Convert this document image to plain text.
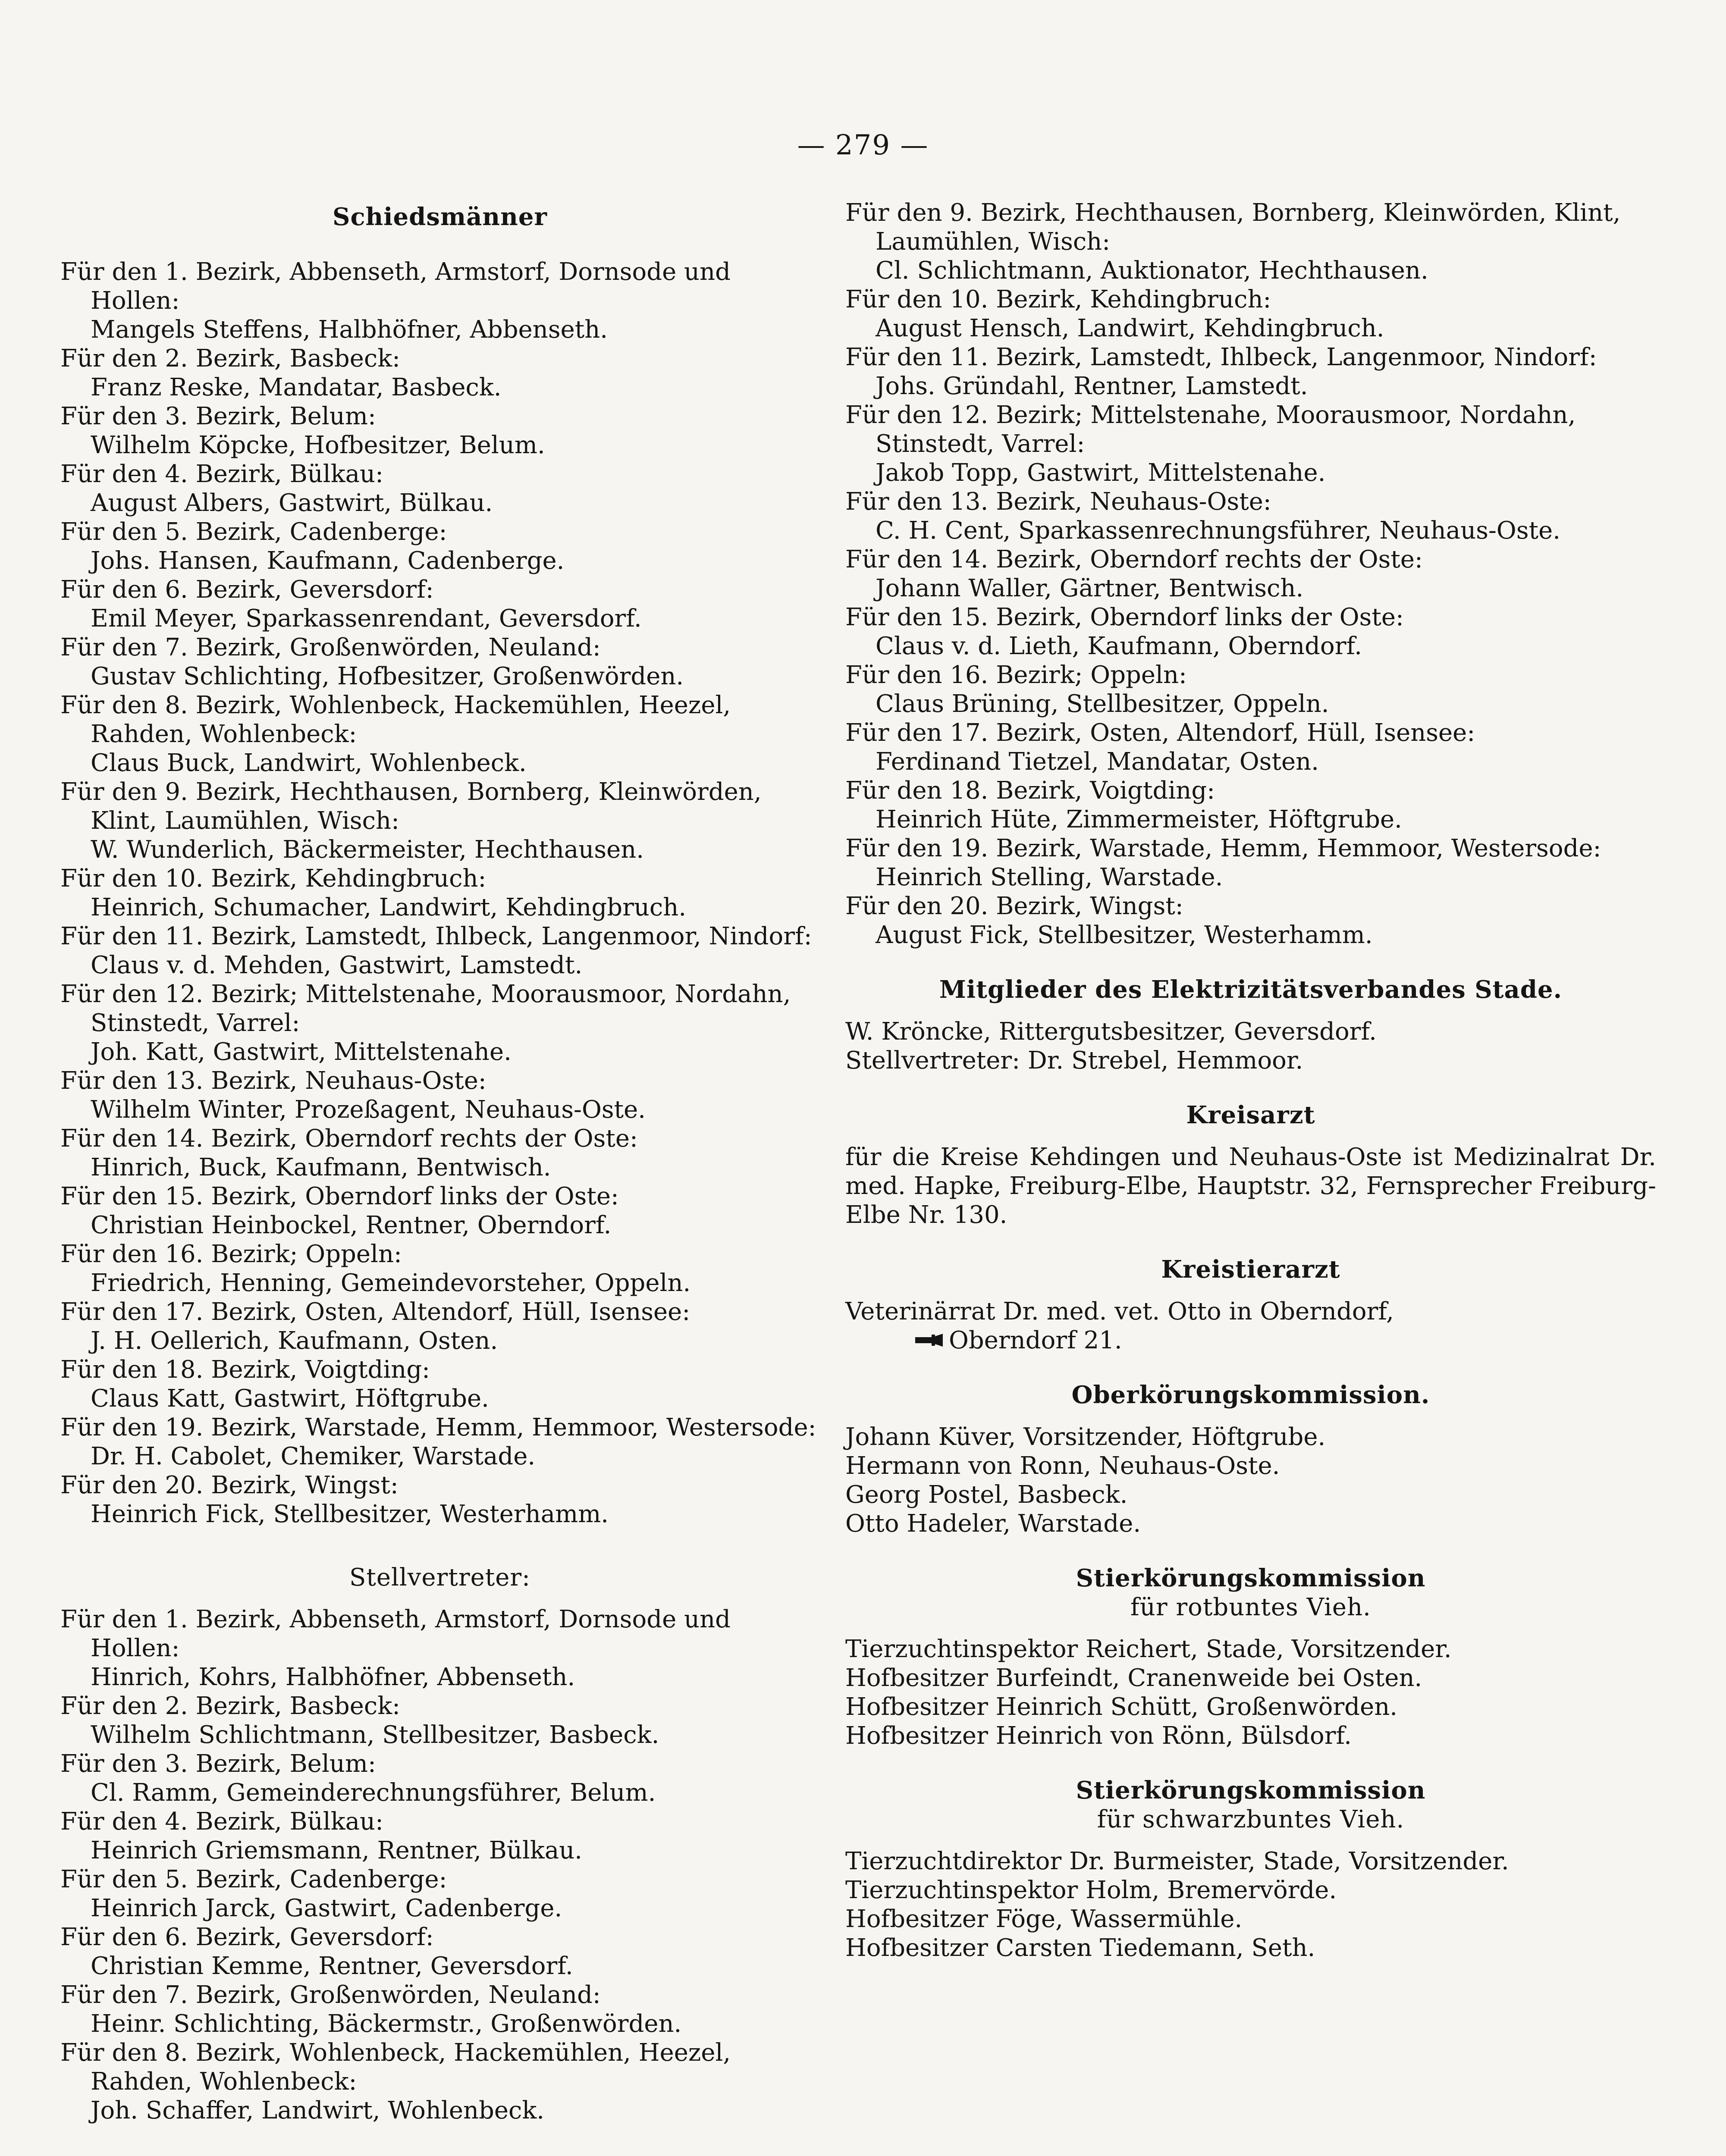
— 279 —
Schiedsmänner
Für den 1. Bezirk, Abbenseth, Armstorf, Dornsode und Hollen:
Mangels Steffens, Halbhöfner, Abbenseth.
Für den 2. Bezirk, Basbeck:
Franz Reske, Mandatar, Basbeck.
Für den 3. Bezirk, Belum:
Wilhelm Köpcke, Hofbesitzer, Belum.
Für den 4. Bezirk, Bülkau:
August Albers, Gastwirt, Bülkau.
Für den 5. Bezirk, Cadenberge:
Johs. Hansen, Kaufmann, Cadenberge.
Für den 6. Bezirk, Geversdorf:
Emil Meyer, Sparkassenrendant, Geversdorf.
Für den 7. Bezirk, Großenwörden, Neuland:
Gustav Schlichting, Hofbesitzer, Großenwörden.
Für den 8. Bezirk, Wohlenbeck, Hackemühlen, Heezel, Rahden, Wohlenbeck:
Claus Buck, Landwirt, Wohlenbeck.
Für den 9. Bezirk, Hechthausen, Bornberg, Kleinwörden, Klint, Laumühlen, Wisch:
W. Wunderlich, Bäckermeister, Hechthausen.
Für den 10. Bezirk, Kehdingbruch:
Heinrich, Schumacher, Landwirt, Kehdingbruch.
Für den 11. Bezirk, Lamstedt, Ihlbeck, Langenmoor, Nindorf:
Claus v. d. Mehden, Gastwirt, Lamstedt.
Für den 12. Bezirk; Mittelstenahe, Moorausmoor, Nordahn, Stinstedt, Varrel:
Joh. Katt, Gastwirt, Mittelstenahe.
Für den 13. Bezirk, Neuhaus-Oste:
Wilhelm Winter, Prozeßagent, Neuhaus-Oste.
Für den 14. Bezirk, Oberndorf rechts der Oste:
Hinrich, Buck, Kaufmann, Bentwisch.
Für den 15. Bezirk, Oberndorf links der Oste:
Christian Heinbockel, Rentner, Oberndorf.
Für den 16. Bezirk; Oppeln:
Friedrich, Henning, Gemeindevorsteher, Oppeln.
Für den 17. Bezirk, Osten, Altendorf, Hüll, Isensee:
J. H. Oellerich, Kaufmann, Osten.
Für den 18. Bezirk, Voigtding:
Claus Katt, Gastwirt, Höftgrube.
Für den 19. Bezirk, Warstade, Hemm, Hemmoor, Westersode:
Dr. H. Cabolet, Chemiker, Warstade.
Für den 20. Bezirk, Wingst:
Heinrich Fick, Stellbesitzer, Westerhamm.
Stellvertreter:
Für den 1. Bezirk, Abbenseth, Armstorf, Dornsode und Hollen:
Hinrich, Kohrs, Halbhöfner, Abbenseth.
Für den 2. Bezirk, Basbeck:
Wilhelm Schlichtmann, Stellbesitzer, Basbeck.
Für den 3. Bezirk, Belum:
Cl. Ramm, Gemeinderechnungsführer, Belum.
Für den 4. Bezirk, Bülkau:
Heinrich Griemsmann, Rentner, Bülkau.
Für den 5. Bezirk, Cadenberge:
Heinrich Jarck, Gastwirt, Cadenberge.
Für den 6. Bezirk, Geversdorf:
Christian Kemme, Rentner, Geversdorf.
Für den 7. Bezirk, Großenwörden, Neuland:
Heinr. Schlichting, Bäckermstr., Großenwörden.
Für den 8. Bezirk, Wohlenbeck, Hackemühlen, Heezel, Rahden, Wohlenbeck:
Joh. Schaffer, Landwirt, Wohlenbeck.
Für den 9. Bezirk, Hechthausen, Bornberg, Kleinwörden, Klint, Laumühlen, Wisch:
Cl. Schlichtmann, Auktionator, Hechthausen.
Für den 10. Bezirk, Kehdingbruch:
August Hensch, Landwirt, Kehdingbruch.
Für den 11. Bezirk, Lamstedt, Ihlbeck, Langenmoor, Nindorf:
Johs. Gründahl, Rentner, Lamstedt.
Für den 12. Bezirk; Mittelstenahe, Moorausmoor, Nordahn, Stinstedt, Varrel:
Jakob Topp, Gastwirt, Mittelstenahe.
Für den 13. Bezirk, Neuhaus-Oste:
C. H. Cent, Sparkassenrechnungsführer, Neuhaus-Oste.
Für den 14. Bezirk, Oberndorf rechts der Oste:
Johann Waller, Gärtner, Bentwisch.
Für den 15. Bezirk, Oberndorf links der Oste:
Claus v. d. Lieth, Kaufmann, Oberndorf.
Für den 16. Bezirk; Oppeln:
Claus Brüning, Stellbesitzer, Oppeln.
Für den 17. Bezirk, Osten, Altendorf, Hüll, Isensee:
Ferdinand Tietzel, Mandatar, Osten.
Für den 18. Bezirk, Voigtding:
Heinrich Hüte, Zimmermeister, Höftgrube.
Für den 19. Bezirk, Warstade, Hemm, Hemmoor, Westersode:
Heinrich Stelling, Warstade.
Für den 20. Bezirk, Wingst:
August Fick, Stellbesitzer, Westerhamm.
Mitglieder des Elektrizitätsverbandes Stade.
W. Kröncke, Rittergutsbesitzer, Geversdorf.
Stellvertreter: Dr. Strebel, Hemmoor.
Kreisarzt
für die Kreise Kehdingen und Neuhaus-Oste ist Medizinalrat Dr. med. Hapke, Freiburg-Elbe, Hauptstr. 32, Fernsprecher Freiburg-Elbe Nr. 130.
Kreistierarzt
Veterinärrat Dr. med. vet. Otto in Oberndorf,
Oberndorf 21.
Oberkörungskommission.
Johann Küver, Vorsitzender, Höftgrube.
Hermann von Ronn, Neuhaus-Oste.
Georg Postel, Basbeck.
Otto Hadeler, Warstade.
Stierkörungskommission
für rotbuntes Vieh.
Tierzuchtinspektor Reichert, Stade, Vorsitzender.
Hofbesitzer Burfeindt, Cranenweide bei Osten.
Hofbesitzer Heinrich Schütt, Großenwörden.
Hofbesitzer Heinrich von Rönn, Bülsdorf.
Stierkörungskommission
für schwarzbuntes Vieh.
Tierzuchtdirektor Dr. Burmeister, Stade, Vorsitzender.
Tierzuchtinspektor Holm, Bremervörde.
Hofbesitzer Föge, Wassermühle.
Hofbesitzer Carsten Tiedemann, Seth.
